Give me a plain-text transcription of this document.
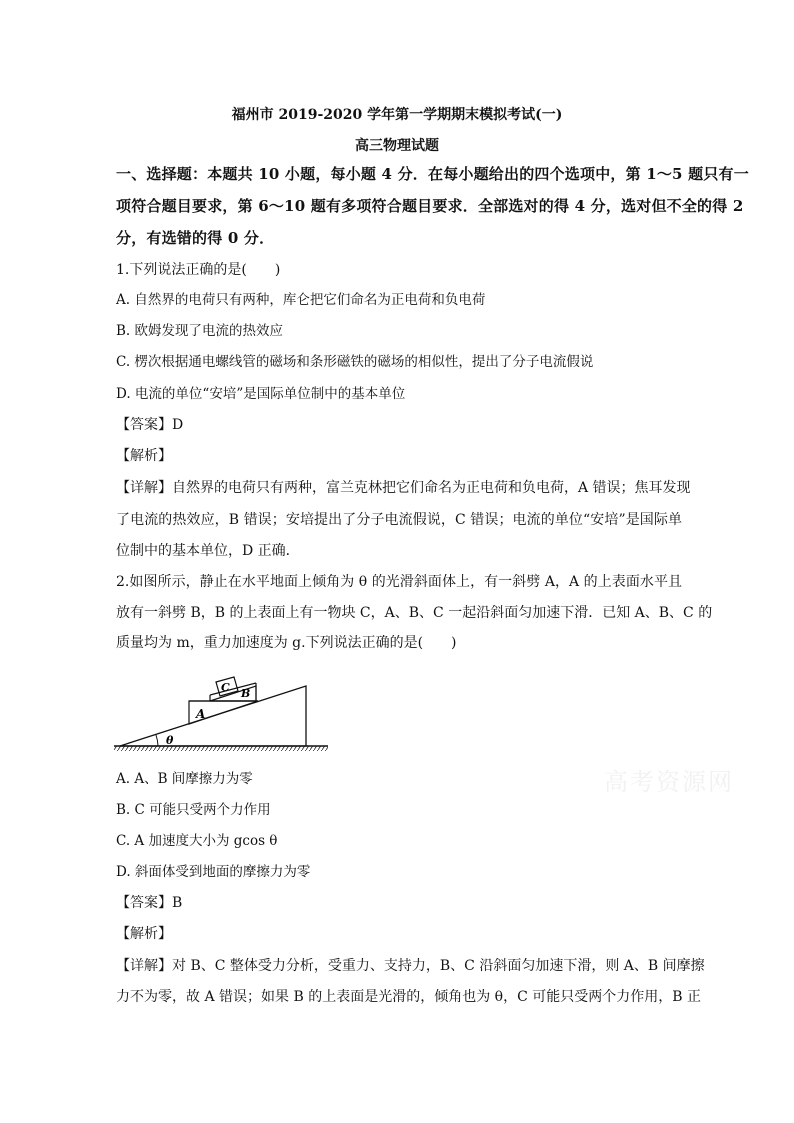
福州市 2019-2020 学年第一学期期末模拟考试(一)
高三物理试题
一、选择题：本题共 10 小题，每小题 4 分．在每小题给出的四个选项中，第 1～5 题只有一
项符合题目要求，第 6～10 题有多项符合题目要求．全部选对的得 4 分，选对但不全的得 2
分，有选错的得 0 分．
1.下列说法正确的是(　　)
A. 自然界的电荷只有两种，库仑把它们命名为正电荷和负电荷
B. 欧姆发现了电流的热效应
C. 楞次根据通电螺线管的磁场和条形磁铁的磁场的相似性，提出了分子电流假说
D. 电流的单位“安培”是国际单位制中的基本单位
【答案】D
【解析】
【详解】自然界的电荷只有两种，富兰克林把它们命名为正电荷和负电荷，A 错误；焦耳发现
了电流的热效应，B 错误；安培提出了分子电流假说，C 错误；电流的单位“安培”是国际单
位制中的基本单位，D 正确．
2.如图所示，静止在水平地面上倾角为 θ 的光滑斜面体上，有一斜劈 A，A 的上表面水平且
放有一斜劈 B，B 的上表面上有一物块 C，A、B、C 一起沿斜面匀加速下滑．已知 A、B、C 的
质量均为 m，重力加速度为 g.下列说法正确的是(　　)
A
B
C
θ
A. A、B 间摩擦力为零
B. C 可能只受两个力作用
C. A 加速度大小为 gcos θ
D. 斜面体受到地面的摩擦力为零
【答案】B
【解析】
【详解】对 B、C 整体受力分析，受重力、支持力，B、C 沿斜面匀加速下滑，则 A、B 间摩擦
力不为零，故 A 错误；如果 B 的上表面是光滑的，倾角也为 θ，C 可能只受两个力作用，B 正
高考资源网
